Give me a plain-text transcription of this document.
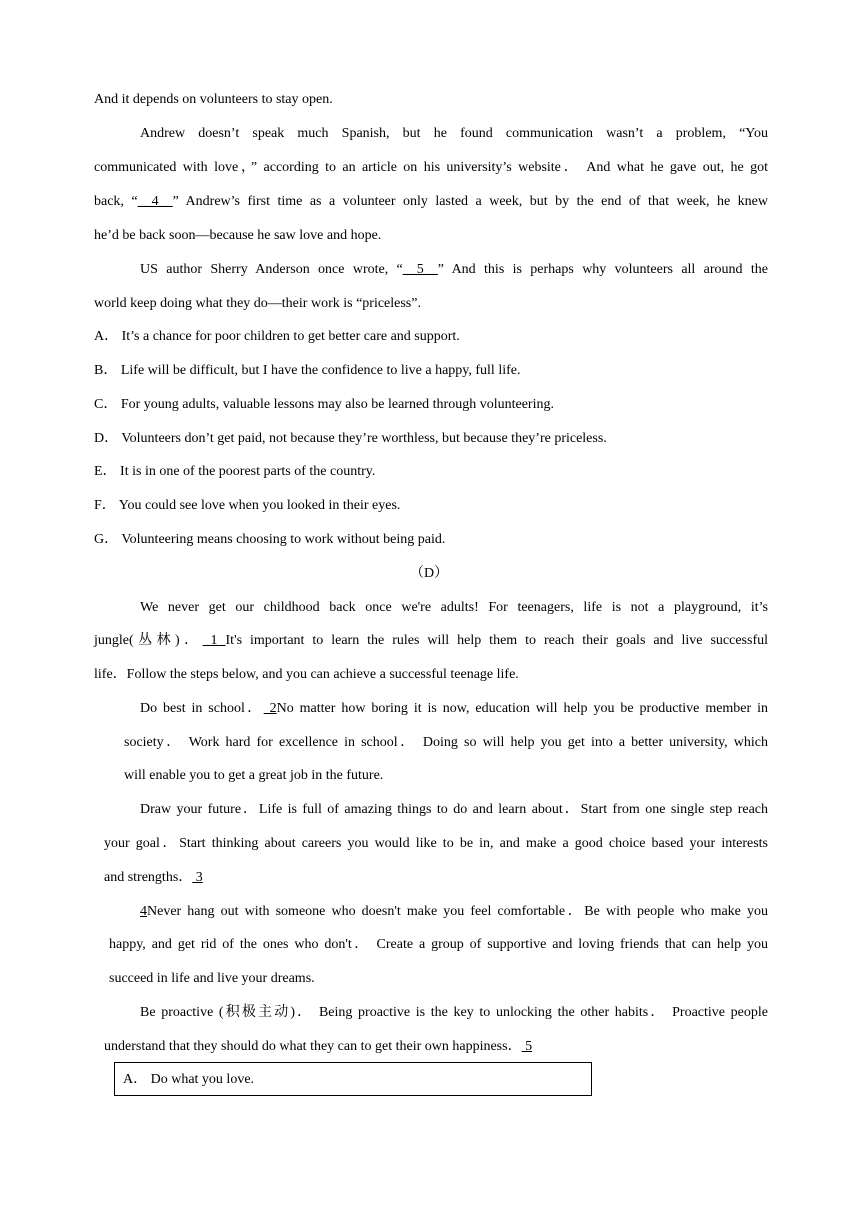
And it depends on volunteers to stay open.
Andrew doesn’t speak much Spanish, but he found communication wasn’t a problem, “You
communicated with love，” according to an article on his university’s website． And what he gave out, he got
back, “__4__” Andrew’s first time as a volunteer only lasted a week, but by the end of that week, he knew
he’d be back soon—because he saw love and hope.
US author Sherry Anderson once wrote, “__5__” And this is perhaps why volunteers all around the
world keep doing what they do—their work is “priceless”.
A． It’s a chance for poor children to get better care and support.
B． Life will be difficult, but I have the confidence to live a happy, full life.
C． For young adults, valuable lessons may also be learned through volunteering.
D． Volunteers don’t get paid, not because they’re worthless, but because they’re priceless.
E． It is in one of the poorest parts of the country.
F． You could see love when you looked in their eyes.
G． Volunteering means choosing to work without being paid.
（D）
We never get our childhood back once we're adults! For teenagers, life is not a playground, it’s
jungle(丛林)． 1 It's important to learn the rules will help them to reach their goals and live successful
life．Follow the steps below, and you can achieve a successful teenage life.
Do best in school． 2No matter how boring it is now, education will help you be productive member in
society． Work hard for excellence in school． Doing so will help you get into a better university, which
will enable you to get a great job in the future.
Draw your future．Life is full of amazing things to do and learn about．Start from one single step reach
your goal．Start thinking about careers you would like to be in, and make a good choice based your interests
and strengths． 3
4Never hang out with someone who doesn't make you feel comfortable．Be with people who make you
happy, and get rid of the ones who don't． Create a group of supportive and loving friends that can help you
succeed in life and live your dreams.
Be proactive (积极主动)． Being proactive is the key to unlocking the other habits． Proactive people
understand that they should do what they can to get their own happiness． 5
A． Do what you love.
